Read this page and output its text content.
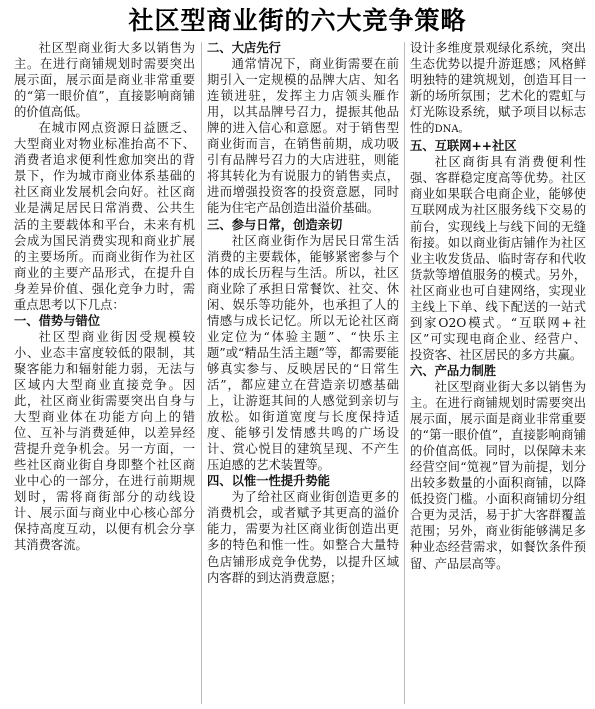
社区型商业街的六大竞争策略

社区型商业街大多以销售为主。在进行商铺规划时需要突出展示面，展示面是商业非常重要的“第一眼价值”，直接影响商铺的价值高低。

在城市网点资源日益匮乏、大型商业对物业标准抬高不下、消费者追求便利性愈加突出的背景下，作为城市商业体系基础的社区商业发展机会向好。社区商业是满足居民日常消费、公共生活的主要载体和平台，未来有机会成为国民消费实现和商业扩展的主要场所。而商业街作为社区商业的主要产品形式，在提升自身差异价值、强化竞争力时，需重点思考以下几点：

一、借势与错位

社区型商业街因受规模较小、业态丰富度较低的限制，其聚客能力和辐射能力弱，无法与区域内大型商业直接竞争。因此，社区商业街需要突出自身与大型商业体在功能方向上的错位、互补与消费延伸，以差异经营提升竞争机会。另一方面，一些社区商业街自身即整个社区商业中心的一部分，在进行前期规划时，需将商街部分的动线设计、展示面与商业中心核心部分保持高度互动，以便有机会分享其消费客流。

二、大店先行

通常情况下，商业街需要在前期引入一定规模的品牌大店、知名连锁进驻，发挥主力店领头雁作用，以其品牌号召力，提振其他品牌的进入信心和意愿。对于销售型商业街而言，在销售前期，成功吸引有品牌号召力的大店进驻，则能将其转化为有说服力的销售卖点，进而增强投资客的投资意愿，同时能为住宅产品创造出溢价基础。

三、参与日常，创造亲切

社区商业街作为居民日常生活消费的主要载体，能够紧密参与个体的成长历程与生活。所以，社区商业除了承担日常餐饮、社交、休闲、娱乐等功能外，也承担了人的情感与成长记忆。所以无论社区商业定位为“体验主题”、“快乐主题”或“精品生活主题”等，都需要能够真实参与、反映居民的“日常生活”，都应建立在营造亲切感基础上，让游逛其间的人感觉到亲切与放松。如街道宽度与长度保持适度、能够引发情感共鸣的广场设计、赏心悦目的建筑呈现、不产生压迫感的艺术装置等。

四、以惟一性提升势能

为了给社区商业街创造更多的消费机会，或者赋予其更高的溢价能力，需要为社区商业街创造出更多的特色和惟一性。如整合大量特色店铺形成竞争优势，以提升区域内客群的到达消费意愿；

设计多维度景观绿化系统，突出生态优势以提升游逛感；风格鲜明独特的建筑规划，创造耳目一新的场所氛围；艺术化的霓虹与灯光陈设系统，赋予项目以标志性的DNA。

五、互联网++社区

社区商街具有消费便利性强、客群稳定度高等优势。社区商业如果联合电商企业，能够使互联网成为社区服务线下交易的前台，实现线上与线下间的无缝衔接。如以商业街店铺作为社区业主收发货品、临时寄存和代收货款等增值服务的模式。另外，社区商业也可自建网络，实现业主线上下单、线下配送的一站式到家O2O模式。“互联网+社区”可实现电商企业、经营户、投资客、社区居民的多方共赢。

六、产品力制胜

社区型商业街大多以销售为主。在进行商铺规划时需要突出展示面，展示面是商业非常重要的“第一眼价值”，直接影响商铺的价值高低。同时，以保障未来经营空间“笕视”冒为前提，划分出较多数量的小面积商铺，以降低投资门槛。小面积商铺切分组合更为灵活，易于扩大客群覆盖范围；另外，商业街能够满足多种业态经营需求，如餐饮条件预留、产品层高等。
